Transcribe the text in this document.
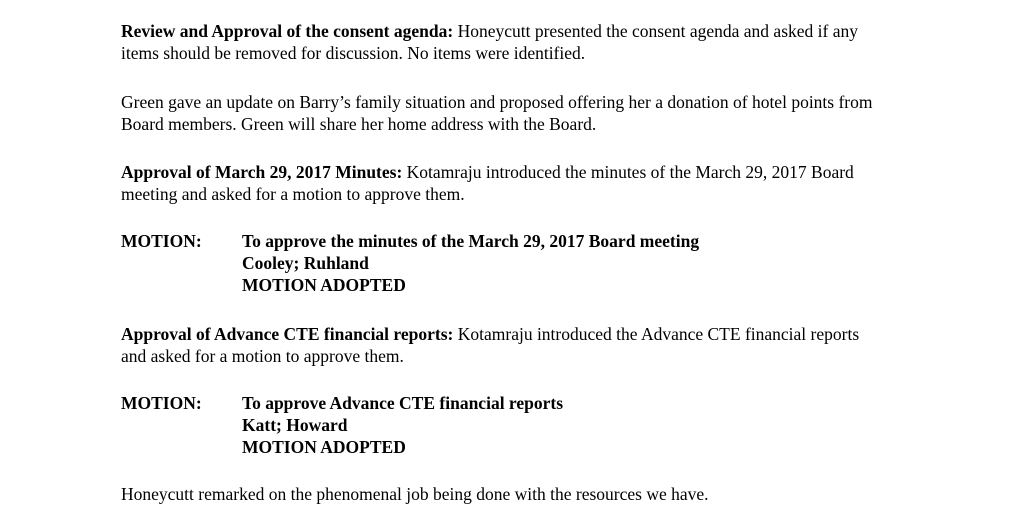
Review and Approval of the consent agenda: Honeycutt presented the consent agenda and asked if any items should be removed for discussion. No items were identified.

Green gave an update on Barry’s family situation and proposed offering her a donation of hotel points from Board members. Green will share her home address with the Board.

Approval of March 29, 2017 Minutes: Kotamraju introduced the minutes of the March 29, 2017 Board meeting and asked for a motion to approve them.

MOTION: To approve the minutes of the March 29, 2017 Board meeting
Cooley; Ruhland
MOTION ADOPTED

Approval of Advance CTE financial reports: Kotamraju introduced the Advance CTE financial reports and asked for a motion to approve them.

MOTION: To approve Advance CTE financial reports
Katt; Howard
MOTION ADOPTED

Honeycutt remarked on the phenomenal job being done with the resources we have.
